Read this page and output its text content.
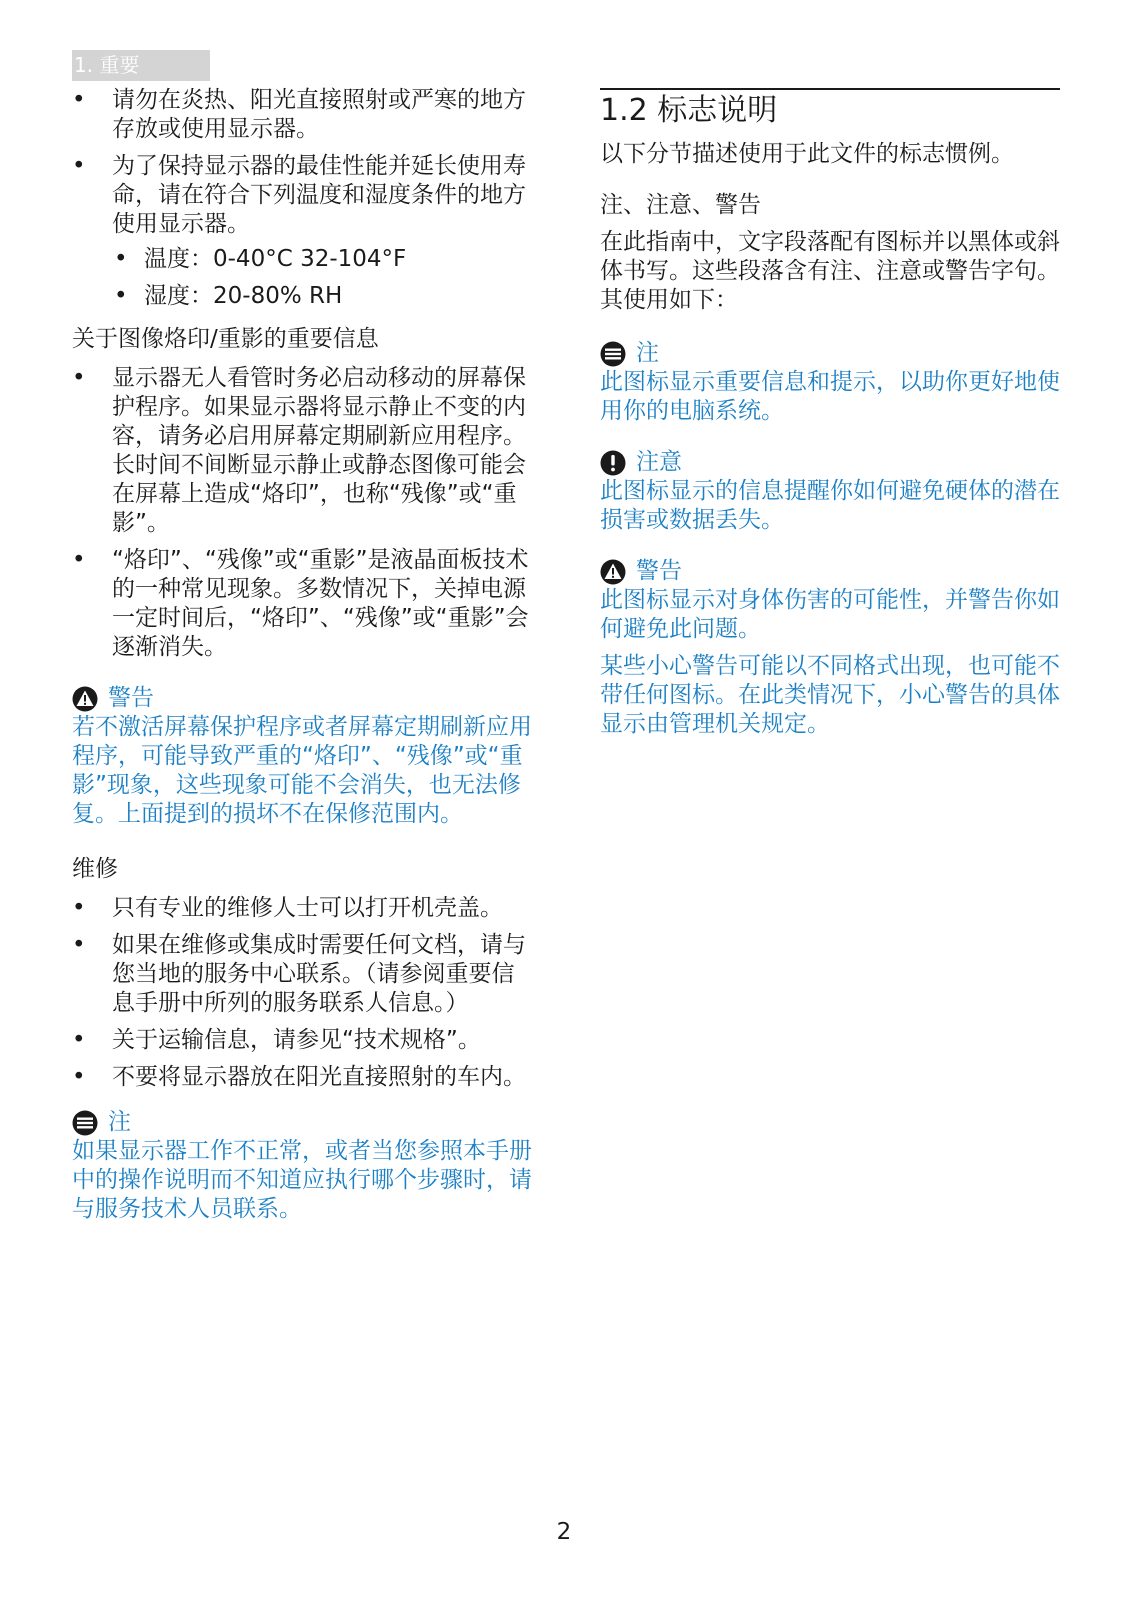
1. 重要
• 请勿在炎热、阳光直接照射或严寒的地方存放或使用显示器。
• 为了保持显示器的最佳性能并延长使用寿命，请在符合下列温度和湿度条件的地方使用显示器。
• 温度：0-40°C 32-104°F
• 湿度：20-80% RH
关于图像烙印/重影的重要信息
• 显示器无人看管时务必启动移动的屏幕保护程序。如果显示器将显示静止不变的内容，请务必启用屏幕定期刷新应用程序。长时间不间断显示静止或静态图像可能会在屏幕上造成“烙印”，也称“残像”或“重影”。
• “烙印”、“残像”或“重影”是液晶面板技术的一种常见现象。多数情况下，关掉电源一定时间后，“烙印”、“残像”或“重影”会逐渐消失。
警告
若不激活屏幕保护程序或者屏幕定期刷新应用程序，可能导致严重的“烙印”、“残像”或“重影”现象，这些现象可能不会消失，也无法修复。上面提到的损坏不在保修范围内。
维修
• 只有专业的维修人士可以打开机壳盖。
• 如果在维修或集成时需要任何文档，请与您当地的服务中心联系。（请参阅重要信息手册中所列的服务联系人信息。）
• 关于运输信息，请参见“技术规格”。
• 不要将显示器放在阳光直接照射的车内。
注
如果显示器工作不正常，或者当您参照本手册中的操作说明而不知道应执行哪个步骤时，请与服务技术人员联系。
1.2 标志说明
以下分节描述使用于此文件的标志惯例。
注、注意、警告
在此指南中，文字段落配有图标并以黑体或斜体书写。这些段落含有注、注意或警告字句。其使用如下：
注
此图标显示重要信息和提示，以助你更好地使用你的电脑系统。
注意
此图标显示的信息提醒你如何避免硬体的潜在损害或数据丢失。
警告
此图标显示对身体伤害的可能性，并警告你如何避免此问题。
某些小心警告可能以不同格式出现，也可能不带任何图标。在此类情况下，小心警告的具体显示由管理机关规定。
2
